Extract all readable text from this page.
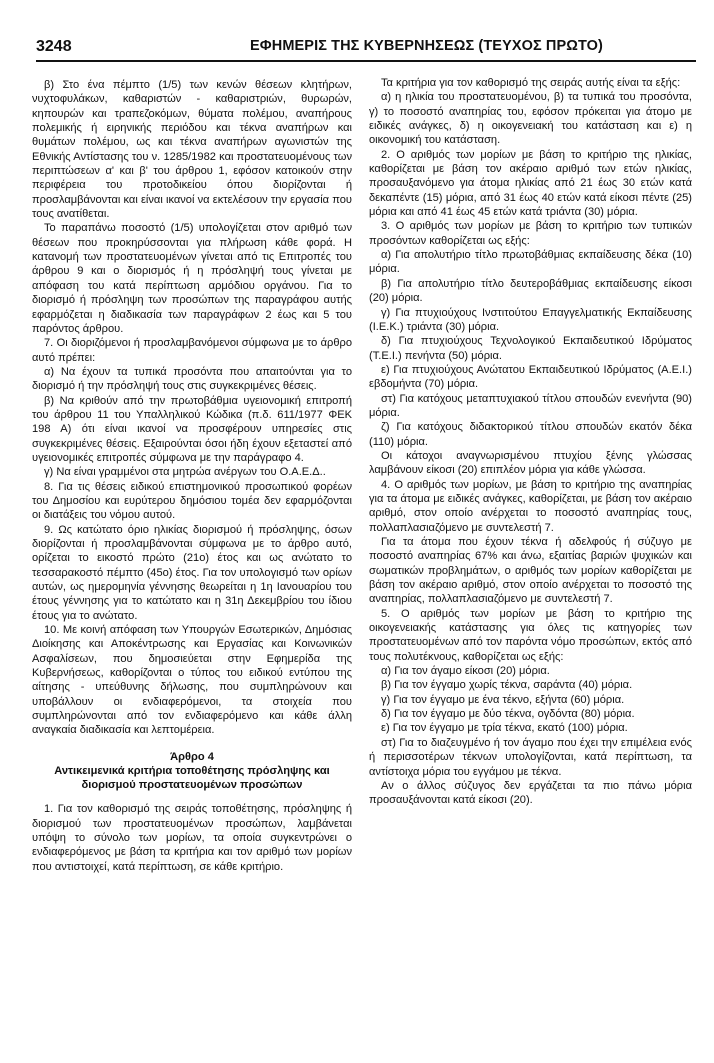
3248	ΕΦΗΜΕΡΙΣ ΤΗΣ ΚΥΒΕΡΝΗΣΕΩΣ (ΤΕΥΧΟΣ ΠΡΩΤΟ)

β) Στο ένα πέμπτο (1/5) των κενών θέσεων κλητήρων, νυχτοφυλάκων, καθαριστών - καθαριστριών, θυρωρών, κηπουρών και τραπεζοκόμων, θύματα πολέμου, αναπήρους πολεμικής ή ειρηνικής περιόδου και τέκνα αναπήρων και θυμάτων πολέμου, ως και τέκνα αναπήρων αγωνιστών της Εθνικής Αντίστασης του ν. 1285/1982 και προστατευομένους των περιπτώσεων α' και β' του άρθρου 1, εφόσον κατοικούν στην περιφέρεια του προτοδικείου όπου διορίζονται ή προσλαμβάνονται και είναι ικανοί να εκτελέσουν την εργασία που τους ανατίθεται.

Το παραπάνω ποσοστό (1/5) υπολογίζεται στον αριθμό των θέσεων που προκηρύσσονται για πλήρωση κάθε φορά. Η κατανομή των προστατευομένων γίνεται από τις Επιτροπές του άρθρου 9 και ο διορισμός ή η πρόσληψή τους γίνεται με απόφαση του κατά περίπτωση αρμόδιου οργάνου. Για το διορισμό ή πρόσληψη των προσώπων της παραγράφου αυτής εφαρμόζεται η διαδικασία των παραγράφων 2 έως και 5 του παρόντος άρθρου.

7. Οι διοριζόμενοι ή προσλαμβανόμενοι σύμφωνα με το άρθρο αυτό πρέπει:

α) Να έχουν τα τυπικά προσόντα που απαιτούνται για το διορισμό ή την πρόσληψή τους στις συγκεκριμένες θέσεις.

β) Να κριθούν από την πρωτοβάθμια υγειονομική επιτροπή του άρθρου 11 του Υπαλληλικού Κώδικα (π.δ. 611/1977 ΦΕΚ 198 Α) ότι είναι ικανοί να προσφέρουν υπηρεσίες στις συγκεκριμένες θέσεις. Εξαιρούνται όσοι ήδη έχουν εξεταστεί από υγειονομικές επιτροπές σύμφωνα με την παράγραφο 4.

γ) Να είναι γραμμένοι στα μητρώα ανέργων του Ο.Α.Ε.Δ..

8. Για τις θέσεις ειδικού επιστημονικού προσωπικού φορέων του Δημοσίου και ευρύτερου δημόσιου τομέα δεν εφαρμόζονται οι διατάξεις του νόμου αυτού.

9. Ως κατώτατο όριο ηλικίας διορισμού ή πρόσληψης, όσων διορίζονται ή προσλαμβάνονται σύμφωνα με το άρθρο αυτό, ορίζεται το εικοστό πρώτο (21ο) έτος και ως ανώτατο το τεσσαρακοστό πέμπτο (45ο) έτος. Για τον υπολογισμό των ορίων αυτών, ως ημερομηνία γέννησης θεωρείται η 1η Ιανουαρίου του έτους γέννησης για το κατώτατο και η 31η Δεκεμβρίου του ίδιου έτους για το ανώτατο.

10. Με κοινή απόφαση των Υπουργών Εσωτερικών, Δημόσιας Διοίκησης και Αποκέντρωσης και Εργασίας και Κοινωνικών Ασφαλίσεων, που δημοσιεύεται στην Εφημερίδα της Κυβερνήσεως, καθορίζονται ο τύπος του ειδικού εντύπου της αίτησης - υπεύθυνης δήλωσης, που συμπληρώνουν και υποβάλλουν οι ενδιαφερόμενοι, τα στοιχεία που συμπληρώνονται από τον ενδιαφερόμενο και κάθε άλλη αναγκαία διαδικασία και λεπτομέρεια.

Άρθρο 4
Αντικειμενικά κριτήρια τοποθέτησης πρόσληψης και διορισμού προστατευομένων προσώπων

1. Για τον καθορισμό της σειράς τοποθέτησης, πρόσληψης ή διορισμού των προστατευομένων προσώπων, λαμβάνεται υπόψη το σύνολο των μορίων, τα οποία συγκεντρώνει ο ενδιαφερόμενος με βάση τα κριτήρια και τον αριθμό των μορίων που αντιστοιχεί, κατά περίπτωση, σε κάθε κριτήριο.

Τα κριτήρια για τον καθορισμό της σειράς αυτής είναι τα εξής:

α) η ηλικία του προστατευομένου, β) τα τυπικά του προσόντα, γ) το ποσοστό αναπηρίας του, εφόσον πρόκειται για άτομο με ειδικές ανάγκες, δ) η οικογενειακή του κατάσταση και ε) η οικονομική του κατάσταση.

2. Ο αριθμός των μορίων με βάση το κριτήριο της ηλικίας, καθορίζεται με βάση τον ακέραιο αριθμό των ετών ηλικίας, προσαυξανόμενο για άτομα ηλικίας από 21 έως 30 ετών κατά δεκαπέντε (15) μόρια, από 31 έως 40 ετών κατά είκοσι πέντε (25) μόρια και από 41 έως 45 ετών κατά τριάντα (30) μόρια.

3. Ο αριθμός των μορίων με βάση το κριτήριο των τυπικών προσόντων καθορίζεται ως εξής:

α) Για απολυτήριο τίτλο πρωτοβάθμιας εκπαίδευσης δέκα (10) μόρια.

β) Για απολυτήριο τίτλο δευτεροβάθμιας εκπαίδευσης είκοσι (20) μόρια.

γ) Για πτυχιούχους Ινστιτούτου Επαγγελματικής Εκπαίδευσης (Ι.Ε.Κ.) τριάντα (30) μόρια.

δ) Για πτυχιούχους Τεχνολογικού Εκπαιδευτικού Ιδρύματος (Τ.Ε.Ι.) πενήντα (50) μόρια.

ε) Για πτυχιούχους Ανώτατου Εκπαιδευτικού Ιδρύματος (Α.Ε.Ι.) εβδομήντα (70) μόρια.

στ) Για κατόχους μεταπτυχιακού τίτλου σπουδών ενενήντα (90) μόρια.

ζ) Για κατόχους διδακτορικού τίτλου σπουδών εκατόν δέκα (110) μόρια.

Οι κάτοχοι αναγνωρισμένου πτυχίου ξένης γλώσσας λαμβάνουν είκοσι (20) επιπλέον μόρια για κάθε γλώσσα.

4. Ο αριθμός των μορίων, με βάση το κριτήριο της αναπηρίας για τα άτομα με ειδικές ανάγκες, καθορίζεται, με βάση τον ακέραιο αριθμό, στον οποίο ανέρχεται το ποσοστό αναπηρίας τους, πολλαπλασιαζόμενο με συντελεστή 7.

Για τα άτομα που έχουν τέκνα ή αδελφούς ή σύζυγο με ποσοστό αναπηρίας 67% και άνω, εξαιτίας βαριών ψυχικών και σωματικών προβλημάτων, ο αριθμός των μορίων καθορίζεται με βάση τον ακέραιο αριθμό, στον οποίο ανέρχεται το ποσοστό της αναπηρίας, πολλαπλασιαζόμενο με συντελεστή 7.

5. Ο αριθμός των μορίων με βάση το κριτήριο της οικογενειακής κατάστασης για όλες τις κατηγορίες των προστατευομένων από τον παρόντα νόμο προσώπων, εκτός από τους πολυτέκνους, καθορίζεται ως εξής:

α) Για τον άγαμο είκοσι (20) μόρια.

β) Για τον έγγαμο χωρίς τέκνα, σαράντα (40) μόρια.

γ) Για τον έγγαμο με ένα τέκνο, εξήντα (60) μόρια.

δ) Για τον έγγαμο με δύο τέκνα, ογδόντα (80) μόρια.

ε) Για τον έγγαμο με τρία τέκνα, εκατό (100) μόρια.

στ) Για το διαζευγμένο ή τον άγαμο που έχει την επιμέλεια ενός ή περισσοτέρων τέκνων υπολογίζονται, κατά περίπτωση, τα αντίστοιχα μόρια του εγγάμου με τέκνα.

Αν ο άλλος σύζυγος δεν εργάζεται τα πιο πάνω μόρια προσαυξάνονται κατά είκοσι (20).
